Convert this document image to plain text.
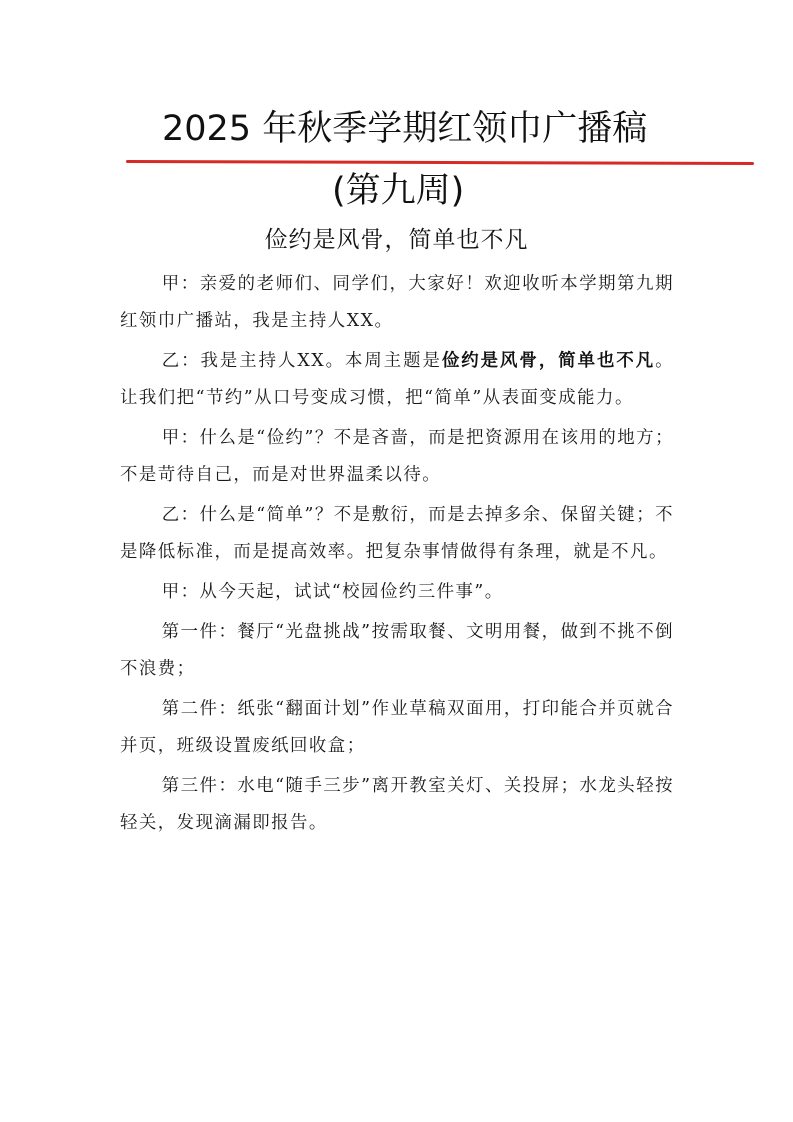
2025 年秋季学期红领巾广播稿
(第九周)
俭约是风骨，简单也不凡

甲：亲爱的老师们、同学们，大家好！欢迎收听本学期第九期红领巾广播站，我是主持人XX。

乙：我是主持人XX。本周主题是俭约是风骨，简单也不凡。让我们把“节约”从口号变成习惯，把“简单”从表面变成能力。

甲：什么是“俭约”？不是吝啬，而是把资源用在该用的地方；不是苛待自己，而是对世界温柔以待。

乙：什么是“简单”？不是敷衍，而是去掉多余、保留关键；不是降低标准，而是提高效率。把复杂事情做得有条理，就是不凡。

甲：从今天起，试试“校园俭约三件事”。

第一件：餐厅“光盘挑战”按需取餐、文明用餐，做到不挑不倒不浪费；

第二件：纸张“翻面计划”作业草稿双面用，打印能合并页就合并页，班级设置废纸回收盒；

第三件：水电“随手三步”离开教室关灯、关投屏；水龙头轻按轻关，发现滴漏即报告。
